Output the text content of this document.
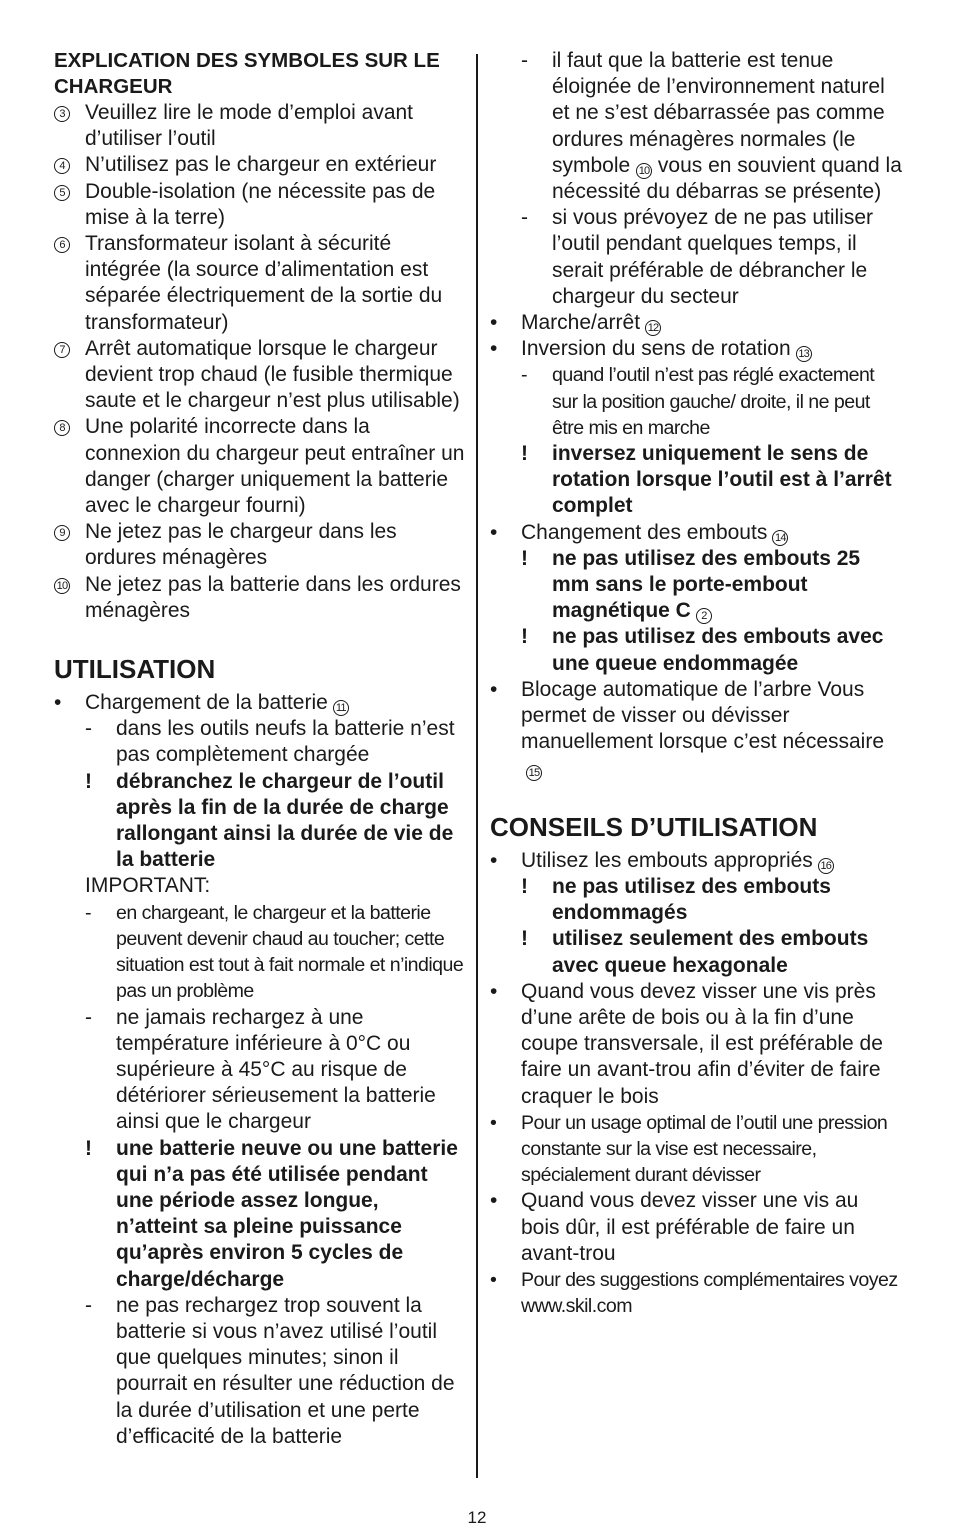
EXPLICATION DES SYMBOLES SUR LE CHARGEUR

3 Veuillez lire le mode d’emploi avant d’utiliser l’outil
4 N’utilisez pas le chargeur en extérieur
5 Double-isolation (ne nécessite pas de mise à la terre)
6 Transformateur isolant à sécurité intégrée (la source d’alimentation est séparée électriquement de la sortie du transformateur)
7 Arrêt automatique lorsque le chargeur devient trop chaud (le fusible thermique saute et le chargeur n’est plus utilisable)
8 Une polarité incorrecte dans la connexion du chargeur peut entraîner un danger (charger uniquement la batterie avec le chargeur fourni)
9 Ne jetez pas le chargeur dans les ordures ménagères
10 Ne jetez pas la batterie dans les ordures ménagères

UTILISATION

•	Chargement de la batterie 11
-	dans les outils neufs la batterie n’est pas complètement chargée
!	débranchez le chargeur de l’outil après la fin de la durée de charge rallongant ainsi la durée de vie de la batterie
IMPORTANT:
-	en chargeant, le chargeur et la batterie peuvent devenir chaud au toucher; cette situation est tout à fait normale et n’indique pas un problème
-	ne jamais rechargez à une température inférieure à 0°C ou supérieure à 45°C au risque de détériorer sérieusement la batterie ainsi que le chargeur
!	une batterie neuve ou une batterie qui n’a pas été utilisée pendant une période assez longue, n’atteint sa pleine puissance qu’après environ 5 cycles de charge/décharge
-	ne pas rechargez trop souvent la batterie si vous n’avez utilisé l’outil que quelques minutes; sinon il pourrait en résulter une réduction de la durée d’utilisation et une perte d’efficacité de la batterie
-	il faut que la batterie est tenue éloignée de l’environnement naturel et ne s’est débarrassée pas comme ordures ménagères normales (le symbole 10 vous en souvient quand la nécessité du débarras se présente)
-	si vous prévoyez de ne pas utiliser l’outil pendant quelques temps, il serait préférable de débrancher le chargeur du secteur
•	Marche/arrêt 12
•	Inversion du sens de rotation 13
-	quand l’outil n’est pas réglé exactement sur la position gauche/ droite, il ne peut être mis en marche
!	inversez uniquement le sens de rotation lorsque l’outil est à l’arrêt complet
•	Changement des embouts 14
!	ne pas utilisez des embouts 25 mm sans le porte-embout magnétique C 2
!	ne pas utilisez des embouts avec une queue endommagée
•	Blocage automatique de l’arbre Vous permet de visser ou dévisser manuellement lorsque c’est nécessaire15

CONSEILS D’UTILISATION

•	Utilisez les embouts appropriés 16
!	ne pas utilisez des embouts endommagés
!	utilisez seulement des embouts avec queue hexagonale
•	Quand vous devez visser une vis près d’une arête de bois ou à la fin d’une coupe transversale, il est préférable de faire un avant-trou afin d’éviter de faire craquer le bois
•	Pour un usage optimal de l’outil une pression constante sur la vise est necessaire, spécialement durant dévisser
•	Quand vous devez visser une vis au bois dûr, il est préférable de faire un avant-trou
•	Pour des suggestions complémentaires voyez www.skil.com
12
